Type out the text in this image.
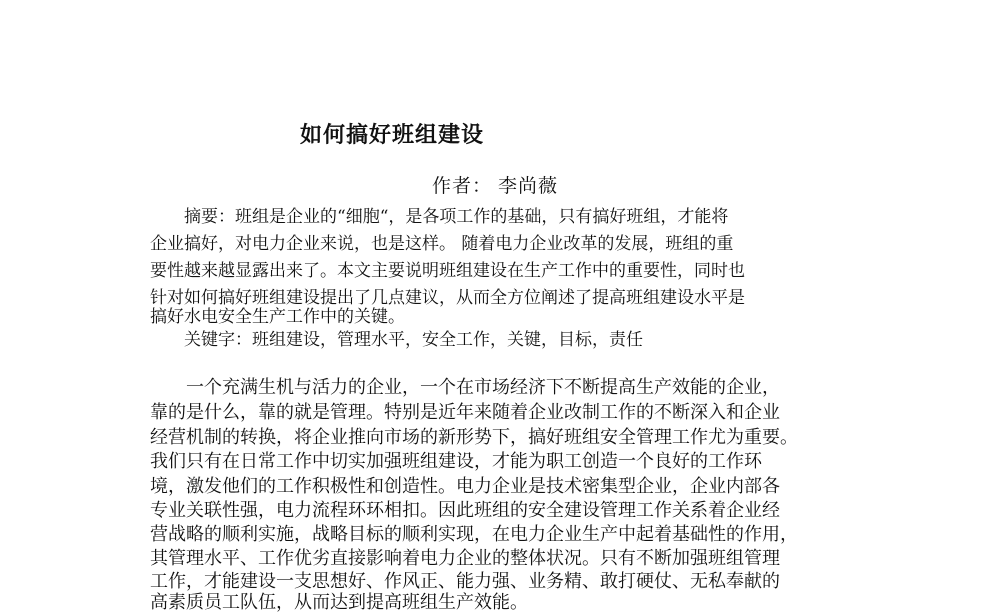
如何搞好班组建设
作者： 李尚薇
　　摘要：班组是企业的“细胞“，是各项工作的基础，只有搞好班组，才能将
企业搞好，对电力企业来说，也是这样。 随着电力企业改革的发展，班组的重
要性越来越显露出来了。本文主要说明班组建设在生产工作中的重要性，同时也
针对如何搞好班组建设提出了几点建议，从而全方位阐述了提高班组建设水平是
搞好水电安全生产工作中的关键。
　　关键字：班组建设，管理水平，安全工作，关键，目标，责任
　　一个充满生机与活力的企业，一个在市场经济下不断提高生产效能的企业，
靠的是什么，靠的就是管理。特别是近年来随着企业改制工作的不断深入和企业
经营机制的转换，将企业推向市场的新形势下，搞好班组安全管理工作尤为重要。
我们只有在日常工作中切实加强班组建设，才能为职工创造一个良好的工作环
境，激发他们的工作积极性和创造性。电力企业是技术密集型企业，企业内部各
专业关联性强，电力流程环环相扣。因此班组的安全建设管理工作关系着企业经
营战略的顺利实施，战略目标的顺利实现，在电力企业生产中起着基础性的作用，
其管理水平、工作优劣直接影响着电力企业的整体状况。只有不断加强班组管理
工作，才能建设一支思想好、作风正、能力强、业务精、敢打硬仗、无私奉献的
高素质员工队伍，从而达到提高班组生产效能。
